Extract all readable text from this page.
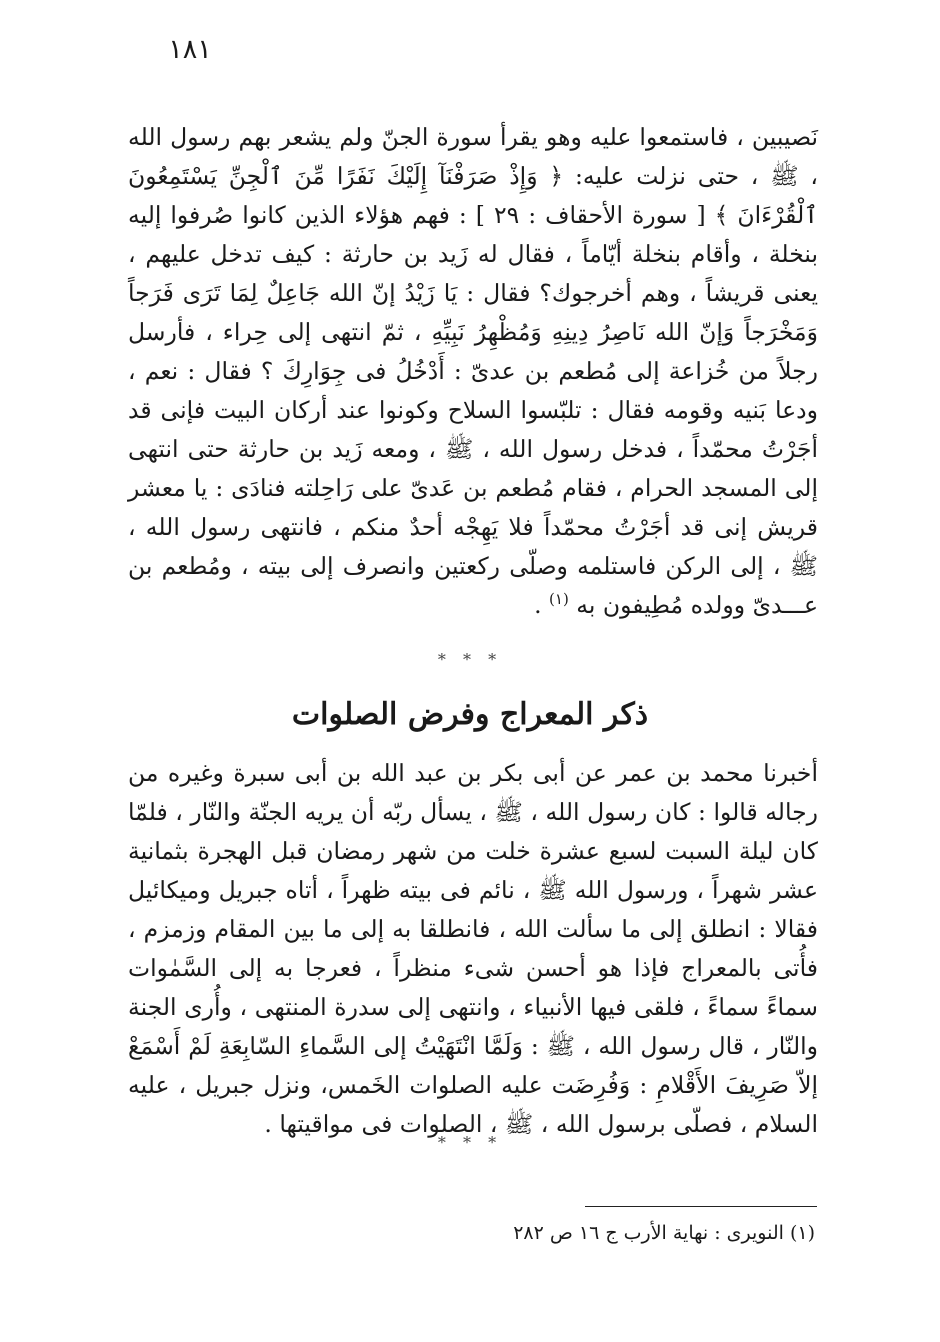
١٨١

نَصيبين ، فاستمعوا عليه وهو يقرأ سورة الجنّ ولم يشعر بهم رسول الله ، ﷺ ، حتى نزلت عليه: ﴿ وَإِذْ صَرَفْنَآ إِلَيْكَ نَفَرًا مِّنَ ٱلْجِنِّ يَسْتَمِعُونَ ٱلْقُرْءَانَ ﴾ [ سورة الأحقاف : ٢٩ ] : فهم هؤلاء الذين كانوا صُرفوا إليه بنخلة ، وأقام بنخلة أيّاماً ، فقال له زَيد بن حارثة : كيف تدخل عليهم ، يعنى قريشاً ، وهم أخرجوك؟ فقال : يَا زَيْدُ إنّ الله جَاعِلٌ لِمَا تَرَى فَرَجاً وَمَخْرَجاً وَإنّ الله نَاصِرُ دِينِهِ وَمُظْهِرُ نَبِيِّهِ ، ثمّ انتهى إلى حِراء ، فأرسل رجلاً من خُزاعة إلى مُطعم بن عدىّ : أَدْخُلُ فى جِوَارِكَ ؟ فقال : نعم ، ودعا بَنيه وقومه فقال : تلبّسوا السلاح وكونوا عند أركان البيت فإنى قد أجَرْتُ محمّداً ، فدخل رسول الله ، ﷺ ، ومعه زَيد بن حارثة حتى انتهى إلى المسجد الحرام ، فقام مُطعم بن عَدىّ على رَاحِلته فنادَى : يا معشر قريش إنى قد أجَرْتُ محمّداً فلا يَهِجْه أحدٌ منكم ، فانتهى رسول الله ، ﷺ ، إلى الركن فاستلمه وصلّى ركعتين وانصرف إلى بيته ، ومُطعم بن عـــدىّ وولده مُطِيفون به $^{(١)}$ .

* * *
ذكر المعراج وفرض الصلوات

أخبرنا محمد بن عمر عن أبى بكر بن عبد الله بن أبى سبرة وغيره من رجاله قالوا : كان رسول الله ، ﷺ ، يسأل ربّه أن يريه الجنّة والنّار ، فلمّا كان ليلة السبت لسبع عشرة خلت من شهر رمضان قبل الهجرة بثمانية عشر شهراً ، ورسول الله ﷺ ، نائم فى بيته ظهراً ، أتاه جبريل وميكائيل فقالا : انطلق إلى ما سألت الله ، فانطلقا به إلى ما بين المقام وزمزم ، فأُتى بالمعراج فإذا هو أحسن شىء منظراً ، فعرجا به إلى السَّمٰوات سماءً سماءً ، فلقى فيها الأنبياء ، وانتهى إلى سدرة المنتهى ، وأُرى الجنة والنّار ، قال رسول الله ، ﷺ : وَلَمَّا انْتَهَيْتُ إلى السَّماءِ السّابِعَةِ لَمْ أَسْمَعْ إلاّ صَرِيفَ الأَقْلامِ : وَفُرِضَت عليه الصلوات الخَمس، ونزل جبريل ، عليه السلام ، فصلّى برسول الله ، ﷺ ، الصلوات فى مواقيتها .

* * *
(١) النويرى : نهاية الأرب ج ١٦ ص ٢٨٢
